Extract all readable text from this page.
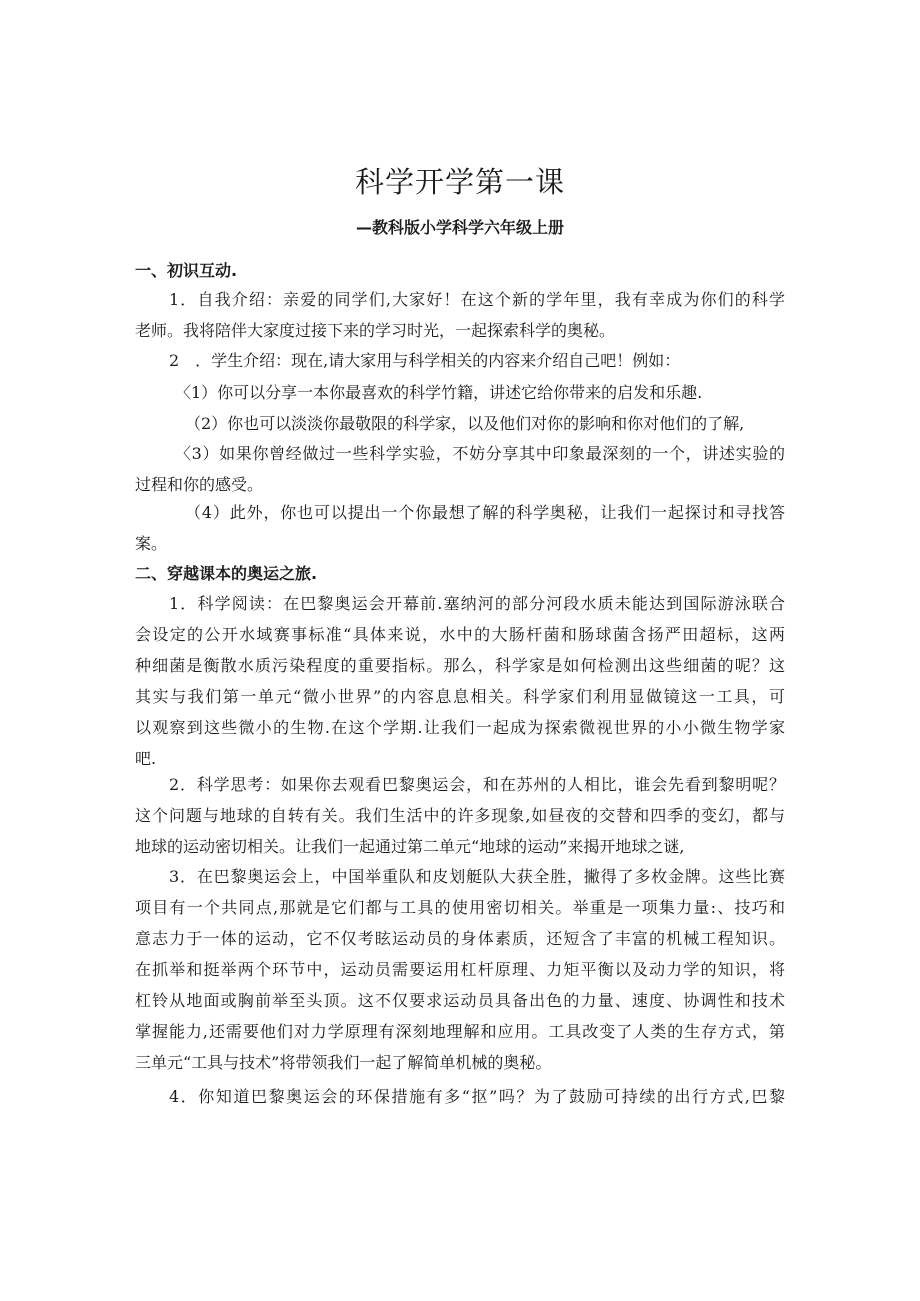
科学开学第一课
—教科版小学科学六年级上册
一、初识互动.
1．自我介绍：亲爱的同学们,大家好！在这个新的学年里，我有幸成为你们的科学
老师。我将陪伴大家度过接下来的学习时光，一起探索科学的奥秘。
2　．学生介绍：现在,请大家用与科学相关的内容来介绍自己吧！例如：
〈1）你可以分享一本你最喜欢的科学竹籍，讲述它给你带来的启发和乐趣.
（2）你也可以淡淡你最敬限的科学家，以及他们对你的影响和你对他们的了解,
〈3）如果你曾经做过一些科学实验，不妨分享其中印象最深刻的一个，讲述实验的
过程和你的感受。
（4）此外，你也可以提出一个你最想了解的科学奥秘，让我们一起探讨和寻找答
案。
二、穿越课本的奥运之旅.
1．科学阅读：在巴黎奥运会开幕前.塞纳河的部分河段水质未能达到国际游泳联合
会设定的公开水域赛事标准“具体来说，水中的大肠杆菌和肠球菌含扬严田超标，这两
种细菌是衡散水质污染程度的重要指标。那么，科学家是如何检测出这些细菌的呢？这
其实与我们第一单元“微小世界”的内容息息相关。科学家们利用显做镜这一工具，可
以观察到这些微小的生物.在这个学期.让我们一起成为探索微视世界的小小微生物学家
吧.
2．科学思考：如果你去观看巴黎奥运会，和在苏州的人相比，谁会先看到黎明呢？
这个问题与地球的自转有关。我们生活中的许多现象,如昼夜的交替和四季的变幻，都与
地球的运动密切相关。让我们一起通过第二单元“地球的运动”来揭开地球之谜,
3．在巴黎奥运会上，中国举重队和皮划艇队大获全胜，撇得了多枚金牌。这些比赛
项目有一个共同点,那就是它们都与工具的使用密切相关。举重是一项集力量:、技巧和
意志力于一体的运动，它不仅考眩运动员的身体素质，还短含了丰富的机械工程知识。
在抓举和挺举两个环节中，运动员需要运用杠杆原理、力矩平衡以及动力学的知识，将
杠铃从地面或胸前举至头顶。这不仅要求运动员具备出色的力量、速度、协调性和技术
掌握能力,还需要他们对力学原理有深刻地理解和应用。工具改变了人类的生存方式，第
三单元“工具与技术”将带领我们一起了解简单机械的奥秘。
4．你知道巴黎奥运会的环保措施有多“抠”吗？为了鼓励可持续的出行方式,巴黎
